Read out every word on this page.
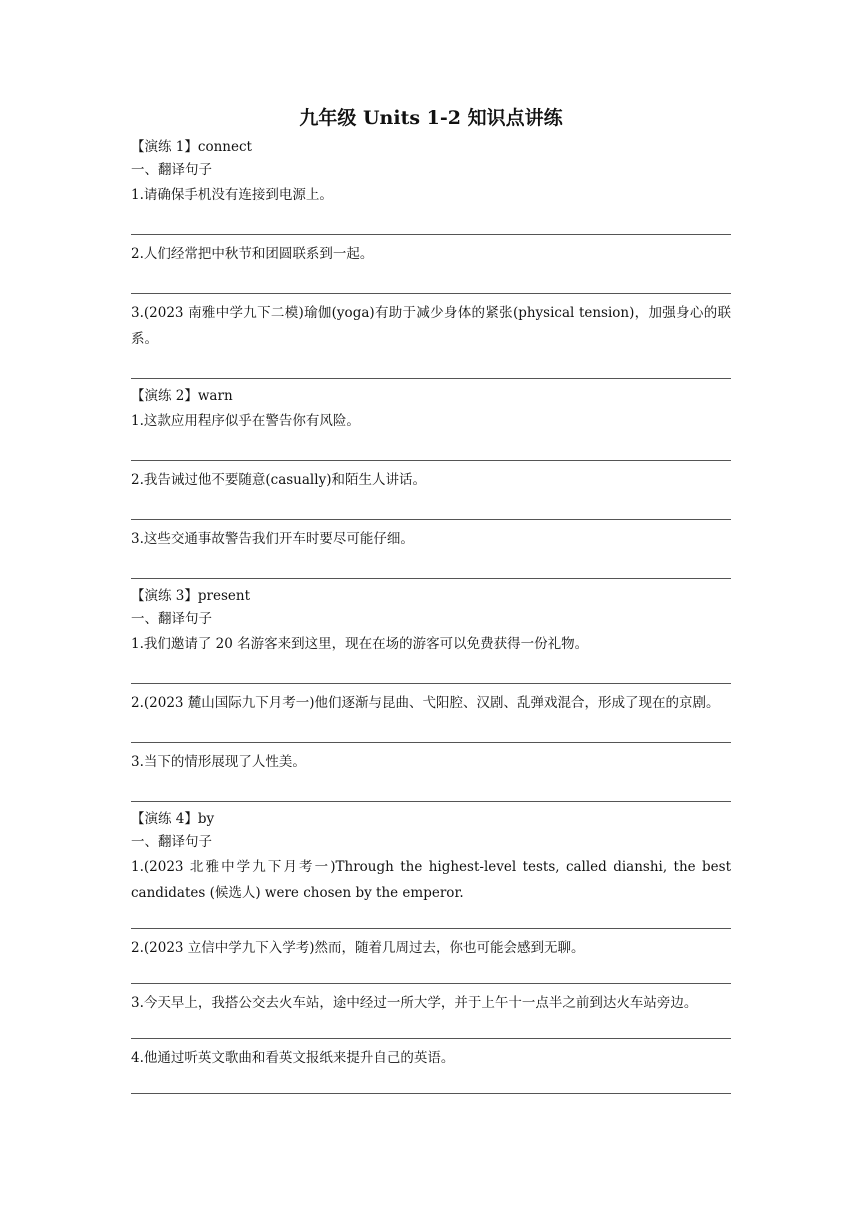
九年级 Units 1-2 知识点讲练

【演练 1】connect

一、翻译句子

1.请确保手机没有连接到电源上。

2.人们经常把中秋节和团圆联系到一起。

3.(2023 南雅中学九下二模)瑜伽(yoga)有助于减少身体的紧张(physical tension)，加强身心的联系。

【演练 2】warn

1.这款应用程序似乎在警告你有风险。

2.我告诫过他不要随意(casually)和陌生人讲话。

3.这些交通事故警告我们开车时要尽可能仔细。

【演练 3】present

一、翻译句子

1.我们邀请了 20 名游客来到这里，现在在场的游客可以免费获得一份礼物。

2.(2023 麓山国际九下月考一)他们逐渐与昆曲、弋阳腔、汉剧、乱弹戏混合，形成了现在的京剧。

3.当下的情形展现了人性美。

【演练 4】by

一、翻译句子

1.(2023 北雅中学九下月考一)Through the highest-level tests, called dianshi, the best candidates (候选人) were chosen by the emperor.

2.(2023 立信中学九下入学考)然而，随着几周过去，你也可能会感到无聊。

3.今天早上，我搭公交去火车站，途中经过一所大学，并于上午十一点半之前到达火车站旁边。

4.他通过听英文歌曲和看英文报纸来提升自己的英语。
